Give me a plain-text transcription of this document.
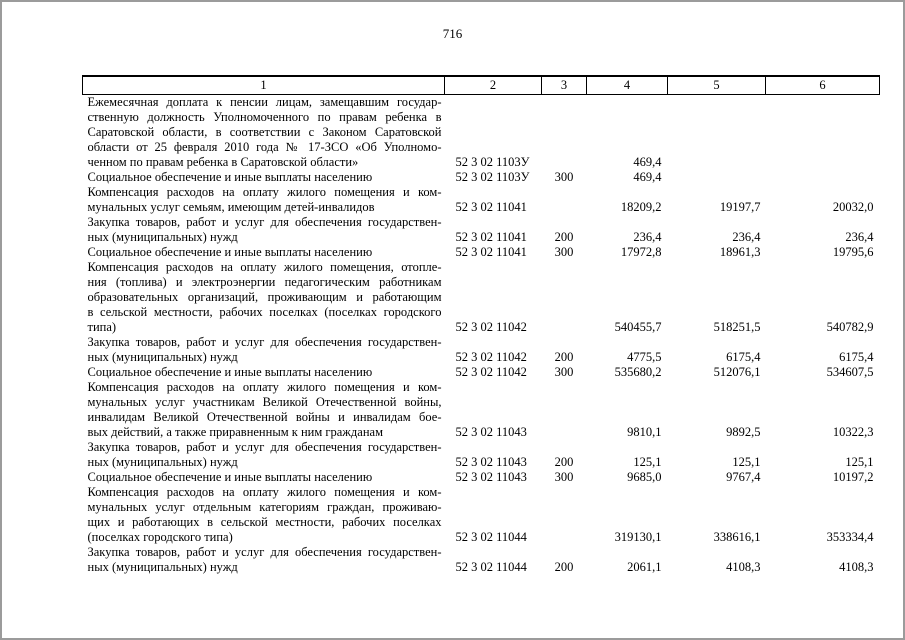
716
1	2	3	4	5	6

Ежемесячная доплата к пенсии лицам, замещавшим государ-
ственную должность Уполномоченного по правам ребенка в
Саратовской области, в соответствии с Законом Саратовской
области от 25 февраля 2010 года № 17-ЗСО «Об Уполномо-
ченном по правам ребенка в Саратовской области»	52 3 02 1103У		469,4		

Социальное обеспечение и иные выплаты населению	52 3 02 1103У	300	469,4		

Компенсация расходов на оплату жилого помещения и ком-
мунальных услуг семьям, имеющим детей-инвалидов	52 3 02 11041		18209,2	19197,7	20032,0

Закупка товаров, работ и услуг для обеспечения государствен-
ных (муниципальных) нужд	52 3 02 11041	200	236,4	236,4	236,4

Социальное обеспечение и иные выплаты населению	52 3 02 11041	300	17972,8	18961,3	19795,6

Компенсация расходов на оплату жилого помещения, отопле-
ния (топлива) и электроэнергии педагогическим работникам
образовательных организаций, проживающим и работающим
в сельской местности, рабочих поселках (поселках городского
типа)	52 3 02 11042		540455,7	518251,5	540782,9

Закупка товаров, работ и услуг для обеспечения государствен-
ных (муниципальных) нужд	52 3 02 11042	200	4775,5	6175,4	6175,4

Социальное обеспечение и иные выплаты населению	52 3 02 11042	300	535680,2	512076,1	534607,5

Компенсация расходов на оплату жилого помещения и ком-
мунальных услуг участникам Великой Отечественной войны,
инвалидам Великой Отечественной войны и инвалидам бое-
вых действий, а также приравненным к ним гражданам	52 3 02 11043		9810,1	9892,5	10322,3

Закупка товаров, работ и услуг для обеспечения государствен-
ных (муниципальных) нужд	52 3 02 11043	200	125,1	125,1	125,1

Социальное обеспечение и иные выплаты населению	52 3 02 11043	300	9685,0	9767,4	10197,2

Компенсация расходов на оплату жилого помещения и ком-
мунальных услуг отдельным категориям граждан, проживаю-
щих и работающих в сельской местности, рабочих поселках
(поселках городского типа)	52 3 02 11044		319130,1	338616,1	353334,4

Закупка товаров, работ и услуг для обеспечения государствен-
ных (муниципальных) нужд	52 3 02 11044	200	2061,1	4108,3	4108,3
